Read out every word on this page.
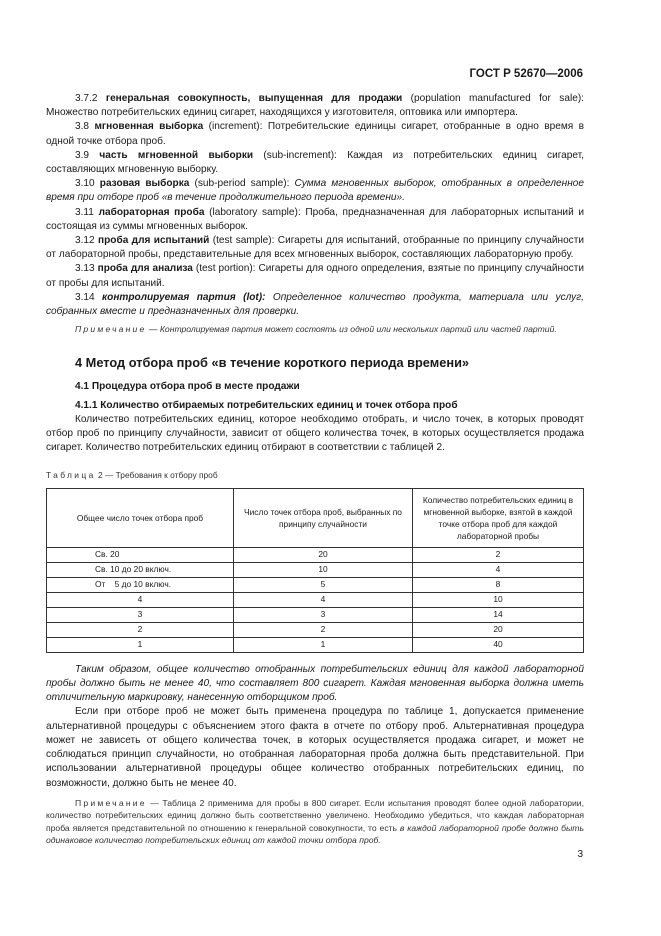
ГОСТ Р 52670—2006

3.7.2 генеральная совокупность, выпущенная для продажи (population manufactured for sale): Множество потребительских единиц сигарет, находящихся у изготовителя, оптовика или импортера.

3.8 мгновенная выборка (increment): Потребительские единицы сигарет, отобранные в одно время в одной точке отбора проб.

3.9 часть мгновенной выборки (sub-increment): Каждая из потребительских единиц сигарет, составляющих мгновенную выборку.

3.10 разовая выборка (sub-period sample): Сумма мгновенных выборок, отобранных в определенное время при отборе проб «в течение продолжительного периода времени».

3.11 лабораторная проба (laboratory sample): Проба, предназначенная для лабораторных испытаний и состоящая из суммы мгновенных выборок.

3.12 проба для испытаний (test sample): Сигареты для испытаний, отобранные по принципу случайности от лабораторной пробы, представительные для всех мгновенных выборок, составляющих лабораторную пробу.

3.13 проба для анализа (test portion): Сигареты для одного определения, взятые по принципу случайности от пробы для испытаний.

3.14 контролируемая партия (lot): Определенное количество продукта, материала или услуг, собранных вместе и предназначенных для проверки.

Примечание — Контролируемая партия может состоять из одной или нескольких партий или частей партий.

4 Метод отбора проб «в течение короткого периода времени»
4.1 Процедура отбора проб в месте продажи
4.1.1 Количество отбираемых потребительских единиц и точек отбора проб

Количество потребительских единиц, которое необходимо отобрать, и число точек, в которых проводят отбор проб по принципу случайности, зависит от общего количества точек, в которых осуществляется продажа сигарет. Количество потребительских единиц отбирают в соответствии с таблицей 2.

Таблица 2 — Требования к отбору проб
Общее число точек отбора проб	Число точек отбора проб, выбранных по принципу случайности	Количество потребительских единиц в мгновенной выборке, взятой в каждой точке отбора проб для каждой лабораторной пробы
Св. 20	20	2
Св. 10 до 20 включ.	10	4
От    5 до 10 включ.	5	8
4	4	10
3	3	14
2	2	20
1	1	40

Таким образом, общее количество отобранных потребительских единиц для каждой лабораторной пробы должно быть не менее 40, что составляет 800 сигарет. Каждая мгновенная выборка должна иметь отличительную маркировку, нанесенную отборщиком проб.

Если при отборе проб не может быть применена процедура по таблице 1, допускается применение альтернативной процедуры с объяснением этого факта в отчете по отбору проб. Альтернативная процедура может не зависеть от общего количества точек, в которых осуществляется продажа сигарет, и может не соблюдаться принцип случайности, но отобранная лабораторная проба должна быть представительной. При использовании альтернативной процедуры общее количество отобранных потребительских единиц, по возможности, должно быть не менее 40.

Примечание — Таблица 2 применима для пробы в 800 сигарет. Если испытания проводят более одной лаборатории, количество потребительских единиц должно быть соответственно увеличено. Необходимо убедиться, что каждая лабораторная проба является представительной по отношению к генеральной совокупности, то есть в каждой лабораторной пробе должно быть одинаковое количество потребительских единиц от каждой точки отбора проб.

3
